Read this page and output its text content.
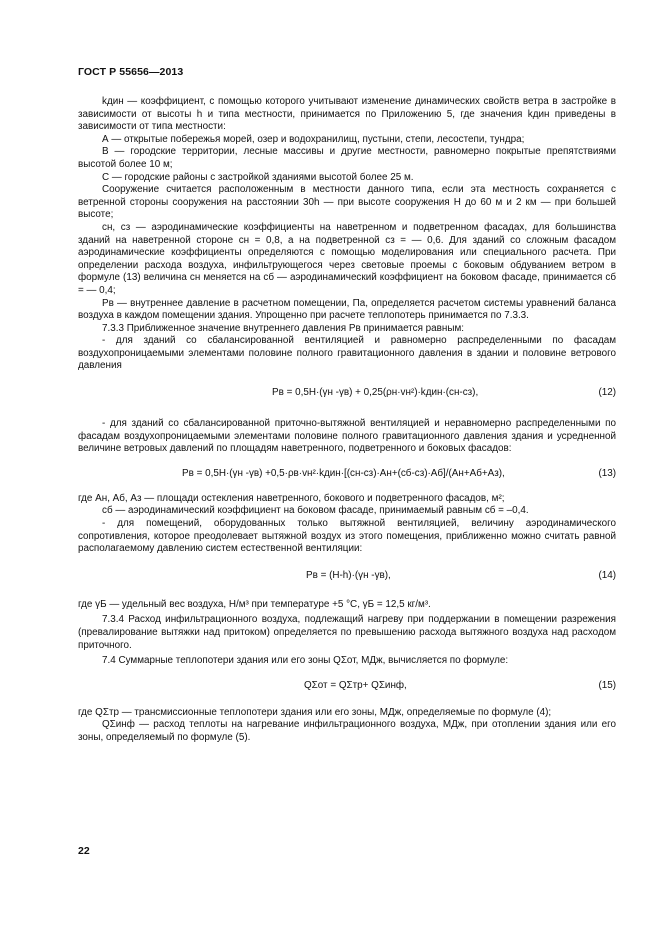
ГОСТ Р 55656—2013

kдин — коэффициент, с помощью которого учитывают изменение динамических свойств ветра в застройке в зависимости от высоты h и типа местности, принимается по Приложению 5, где значения kдин приведены в зависимости от типа местности:

А — открытые побережья морей, озер и водохранилищ, пустыни, степи, лесостепи, тундра;

В — городские территории, лесные массивы и другие местности, равномерно покрытые препятствиями высотой более 10 м;

С — городские районы с застройкой зданиями высотой более 25 м.

Сооружение считается расположенным в местности данного типа, если эта местность сохраняется с ветренной стороны сооружения на расстоянии 30h — при высоте сооружения H до 60 м и 2 км — при большей высоте;

cн, cз — аэродинамические коэффициенты на наветренном и подветренном фасадах, для большинства зданий на наветренной стороне cн = 0,8, а на подветренной cз = — 0,6. Для зданий со сложным фасадом аэродинамические коэффициенты определяются с помощью моделирования или специального расчета. При определении расхода воздуха, инфильтрующегося через световые проемы с боковым обдуванием ветром в формуле (13) величина cн меняется на cб — аэродинамический коэффициент на боковом фасаде, принимается cб = — 0,4;

Pв — внутреннее давление в расчетном помещении, Па, определяется расчетом системы уравнений баланса воздуха в каждом помещении здания. Упрощенно при расчете теплопотерь принимается по 7.3.3.

7.3.3 Приближенное значение внутреннего давления Pв принимается равным:

- для зданий со сбалансированной вентиляцией и равномерно распределенными по фасадам воздухопроницаемыми элементами половине полного гравитационного давления в здании и половине ветрового давления

Pв = 0,5H·(γн -γв) + 0,25(ρн·vн²)·kдин·(cн-cз),	(12)

- для зданий со сбалансированной приточно-вытяжной вентиляцией и неравномерно распределенными по фасадам воздухопроницаемыми элементами половине полного гравитационного давления здания и усредненной величине ветровых давлений по площадям наветренного, подветренного и боковых фасадов:

Pв = 0,5H·(γн -γв) +0,5·ρв·vн²·kдин·[(cн-cз)·Aн+(cб-cз)·Aб]/(Aн+Aб+Aз),	(13)

где Aн, Aб, Aз — площади остекления наветренного, бокового и подветренного фасадов, м²;

cб — аэродинамический коэффициент на боковом фасаде, принимаемый равным cб = –0,4.

- для помещений, оборудованных только вытяжной вентиляцией, величину аэродинамического сопротивления, которое преодолевает вытяжной воздух из этого помещения, приближенно можно считать равной располагаемому давлению систем естественной вентиляции:

Pв = (H-h)·(γн -γв),	(14)

где γБ — удельный вес воздуха, Н/м³ при температуре +5 °С, γБ = 12,5 кг/м³.

7.3.4 Расход инфильтрационного воздуха, подлежащий нагреву при поддержании в помещении разрежения (превалирование вытяжки над притоком) определяется по превышению расхода вытяжного воздуха над расходом приточного.

7.4 Суммарные теплопотери здания или его зоны QΣот, МДж, вычисляется по формуле:

QΣот = QΣтр+ QΣинф,	(15)

где QΣтр — трансмиссионные теплопотери здания или его зоны, МДж, определяемые по формуле (4);

QΣинф — расход теплоты на нагревание инфильтрационного воздуха, МДж, при отоплении здания или его зоны, определяемый по формуле (5).

22
